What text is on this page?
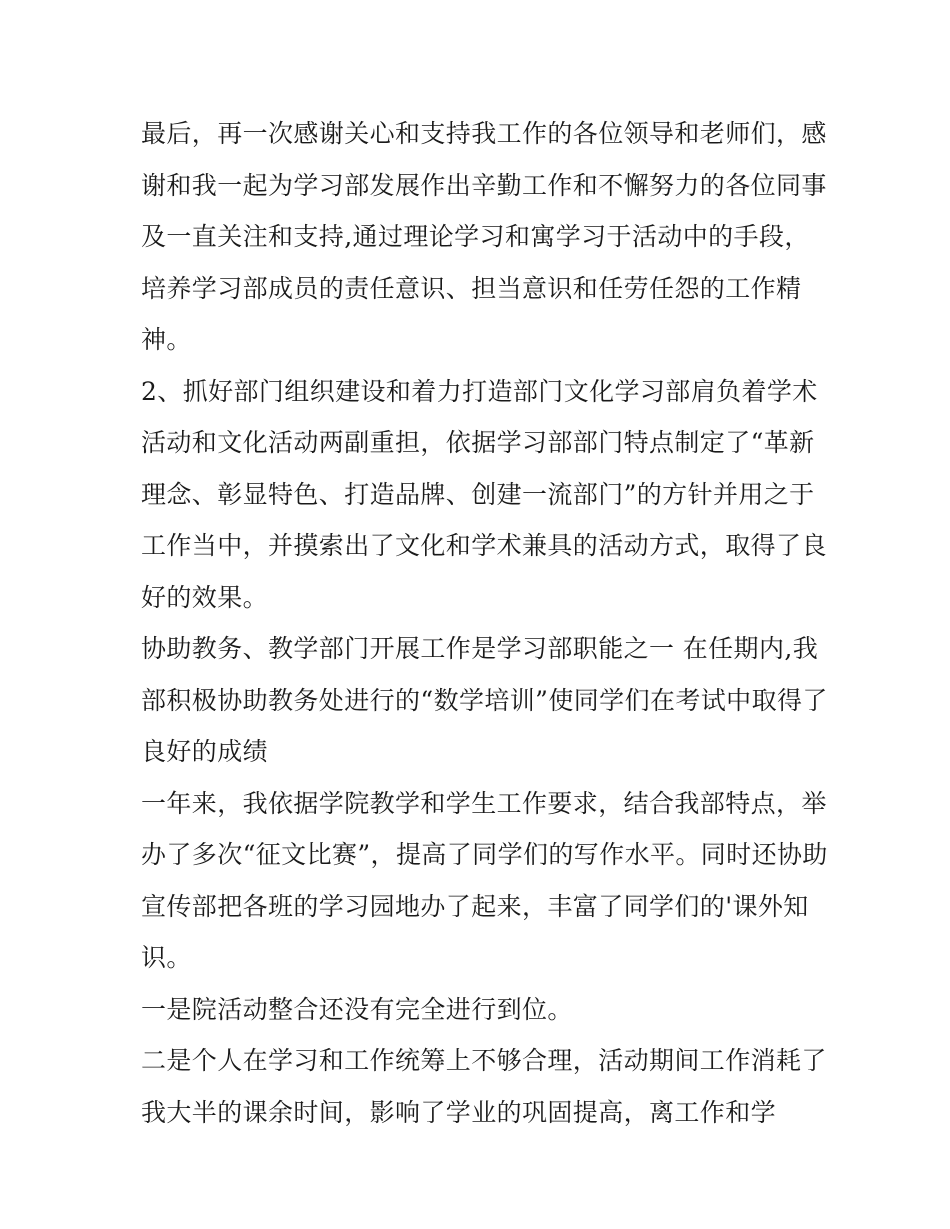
最后，再一次感谢关心和支持我工作的各位领导和老师们，感
谢和我一起为学习部发展作出辛勤工作和不懈努力的各位同事
及一直关注和支持,通过理论学习和寓学习于活动中的手段，
培养学习部成员的责任意识、担当意识和任劳任怨的工作精
神。
2、抓好部门组织建设和着力打造部门文化学习部肩负着学术
活动和文化活动两副重担，依据学习部部门特点制定了“革新
理念、彰显特色、打造品牌、创建一流部门”的方针并用之于
工作当中，并摸索出了文化和学术兼具的活动方式，取得了良
好的效果。
协助教务、教学部门开展工作是学习部职能之一 在任期内,我
部积极协助教务处进行的“数学培训”使同学们在考试中取得了
良好的成绩
一年来，我依据学院教学和学生工作要求，结合我部特点，举
办了多次“征文比赛”，提高了同学们的写作水平。同时还协助
宣传部把各班的学习园地办了起来，丰富了同学们的'课外知
识。
一是院活动整合还没有完全进行到位。
二是个人在学习和工作统筹上不够合理，活动期间工作消耗了
我大半的课余时间，影响了学业的巩固提高，离工作和学
